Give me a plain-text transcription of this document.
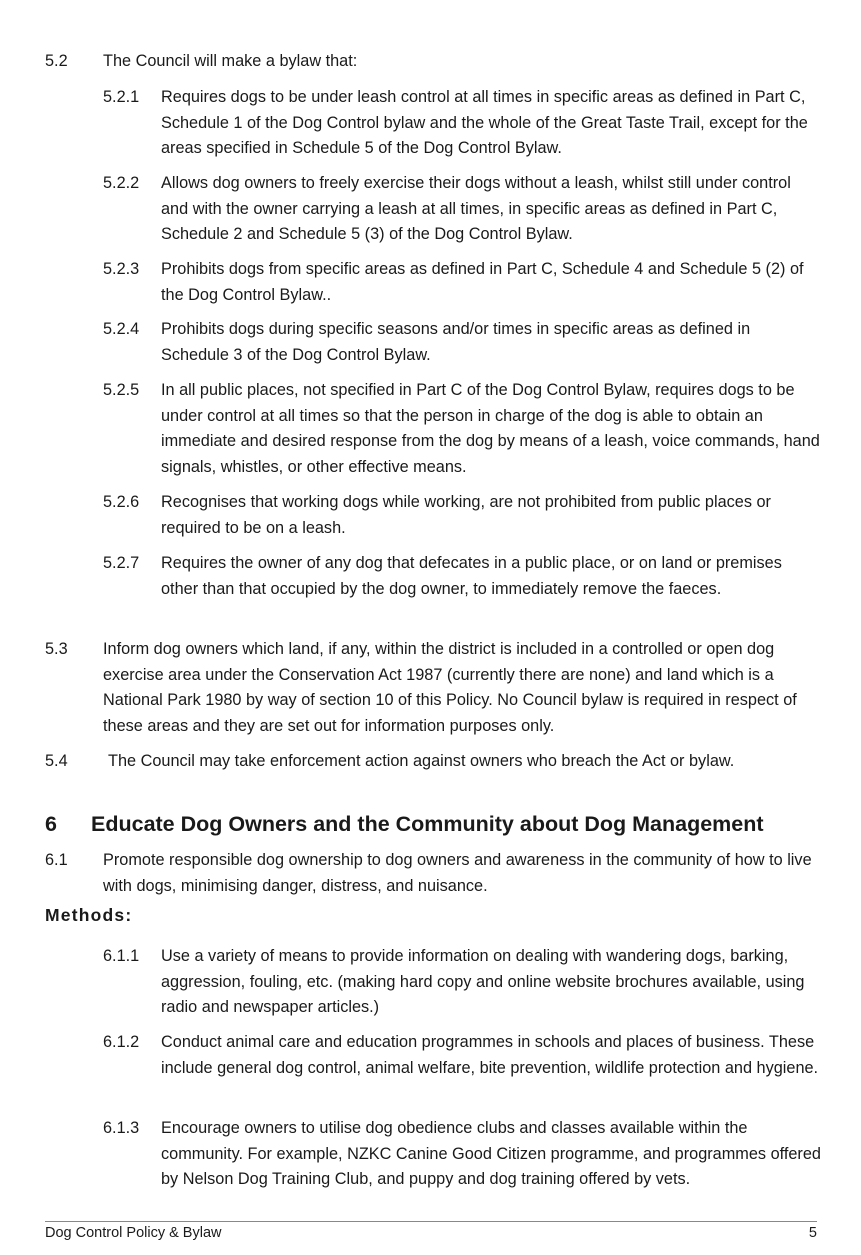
5.2 The Council will make a bylaw that:
5.2.1 Requires dogs to be under leash control at all times in specific areas as defined in Part C, Schedule 1 of the Dog Control bylaw and the whole of the Great Taste Trail, except for the areas specified in Schedule 5 of the Dog Control Bylaw.
5.2.2 Allows dog owners to freely exercise their dogs without a leash, whilst still under control and with the owner carrying a leash at all times, in specific areas as defined in Part C, Schedule 2 and Schedule 5 (3) of the Dog Control Bylaw.
5.2.3 Prohibits dogs from specific areas as defined in Part C, Schedule 4 and Schedule 5 (2) of the Dog Control Bylaw..
5.2.4 Prohibits dogs during specific seasons and/or times in specific areas as defined in Schedule 3 of the Dog Control Bylaw.
5.2.5 In all public places, not specified in Part C of the Dog Control Bylaw, requires dogs to be under control at all times so that the person in charge of the dog is able to obtain an immediate and desired response from the dog by means of a leash, voice commands, hand signals, whistles, or other effective means.
5.2.6 Recognises that working dogs while working, are not prohibited from public places or required to be on a leash.
5.2.7 Requires the owner of any dog that defecates in a public place, or on land or premises other than that occupied by the dog owner, to immediately remove the faeces.
5.3 Inform dog owners which land, if any, within the district is included in a controlled or open dog exercise area under the Conservation Act 1987 (currently there are none) and land which is a National Park 1980 by way of section 10 of this Policy. No Council bylaw is required in respect of these areas and they are set out for information purposes only.
5.4 The Council may take enforcement action against owners who breach the Act or bylaw.
6 Educate Dog Owners and the Community about Dog Management
6.1 Promote responsible dog ownership to dog owners and awareness in the community of how to live with dogs, minimising danger, distress, and nuisance.
Methods:
6.1.1 Use a variety of means to provide information on dealing with wandering dogs, barking, aggression, fouling, etc. (making hard copy and online website brochures available, using radio and newspaper articles.)
6.1.2 Conduct animal care and education programmes in schools and places of business. These include general dog control, animal welfare, bite prevention, wildlife protection and hygiene.
6.1.3 Encourage owners to utilise dog obedience clubs and classes available within the community. For example, NZKC Canine Good Citizen programme, and programmes offered by Nelson Dog Training Club, and puppy and dog training offered by vets.
Dog Control Policy & Bylaw	5
